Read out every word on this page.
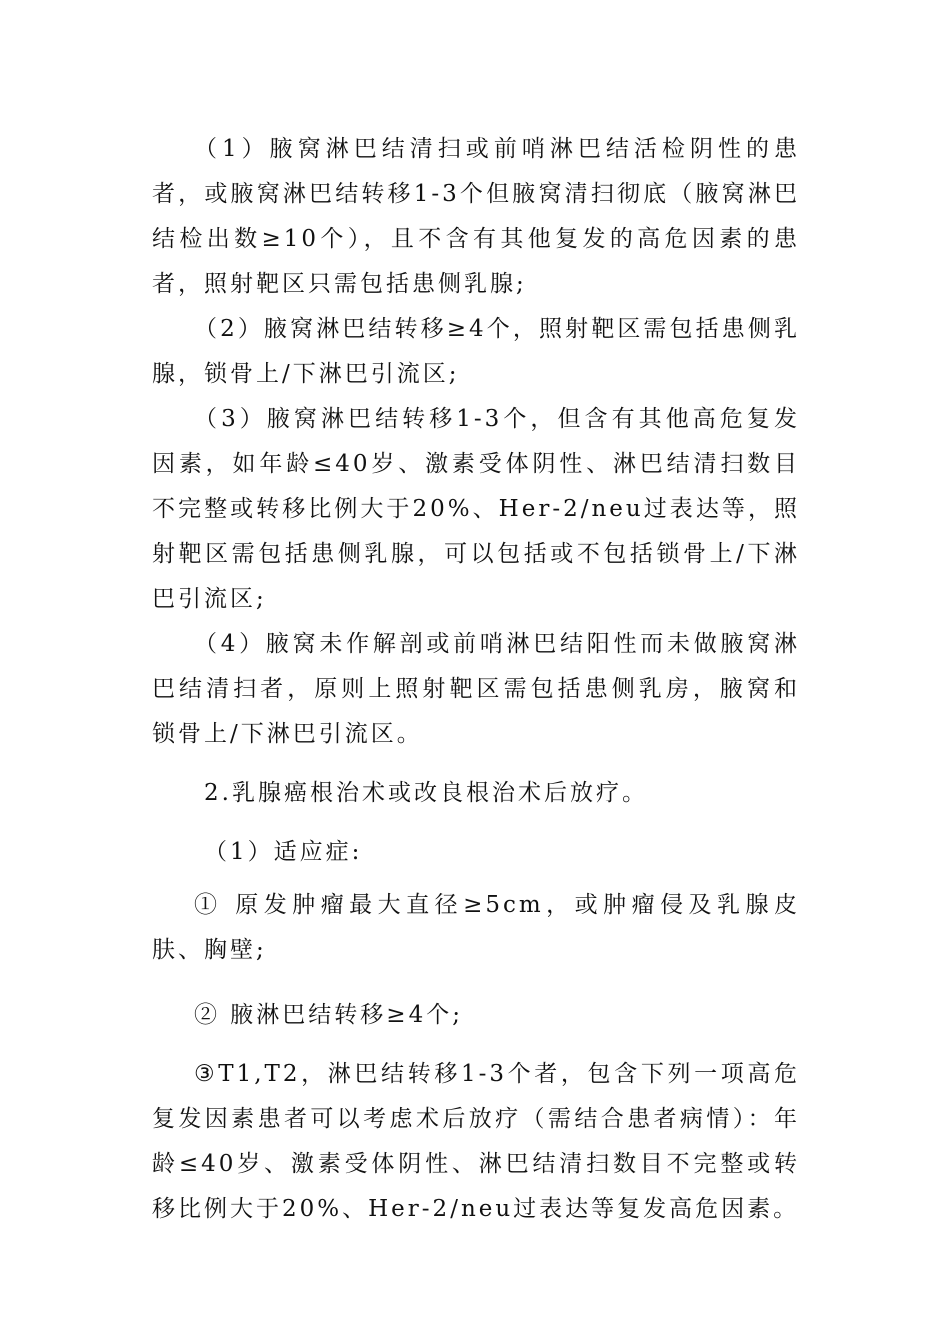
（1）腋窝淋巴结清扫或前哨淋巴结活检阴性的患者，或腋窝淋巴结转移1-3个但腋窝清扫彻底（腋窝淋巴结检出数≥10个），且不含有其他复发的高危因素的患者，照射靶区只需包括患侧乳腺;

（2）腋窝淋巴结转移≥4个，照射靶区需包括患侧乳腺，锁骨上/下淋巴引流区;

（3）腋窝淋巴结转移1-3个，但含有其他高危复发因素，如年龄≤40岁、激素受体阴性、淋巴结清扫数目不完整或转移比例大于20%、Her-2/neu过表达等，照射靶区需包括患侧乳腺，可以包括或不包括锁骨上/下淋巴引流区;

（4）腋窝未作解剖或前哨淋巴结阳性而未做腋窝淋巴结清扫者，原则上照射靶区需包括患侧乳房，腋窝和锁骨上/下淋巴引流区。

2.乳腺癌根治术或改良根治术后放疗。

（1）适应症:

① 原发肿瘤最大直径≥5cm，或肿瘤侵及乳腺皮肤、胸壁;

② 腋淋巴结转移≥4个;

③T1,T2，淋巴结转移1-3个者，包含下列一项高危复发因素患者可以考虑术后放疗（需结合患者病情）：年龄≤40岁、激素受体阴性、淋巴结清扫数目不完整或转移比例大于20%、Her-2/neu过表达等复发高危因素。
